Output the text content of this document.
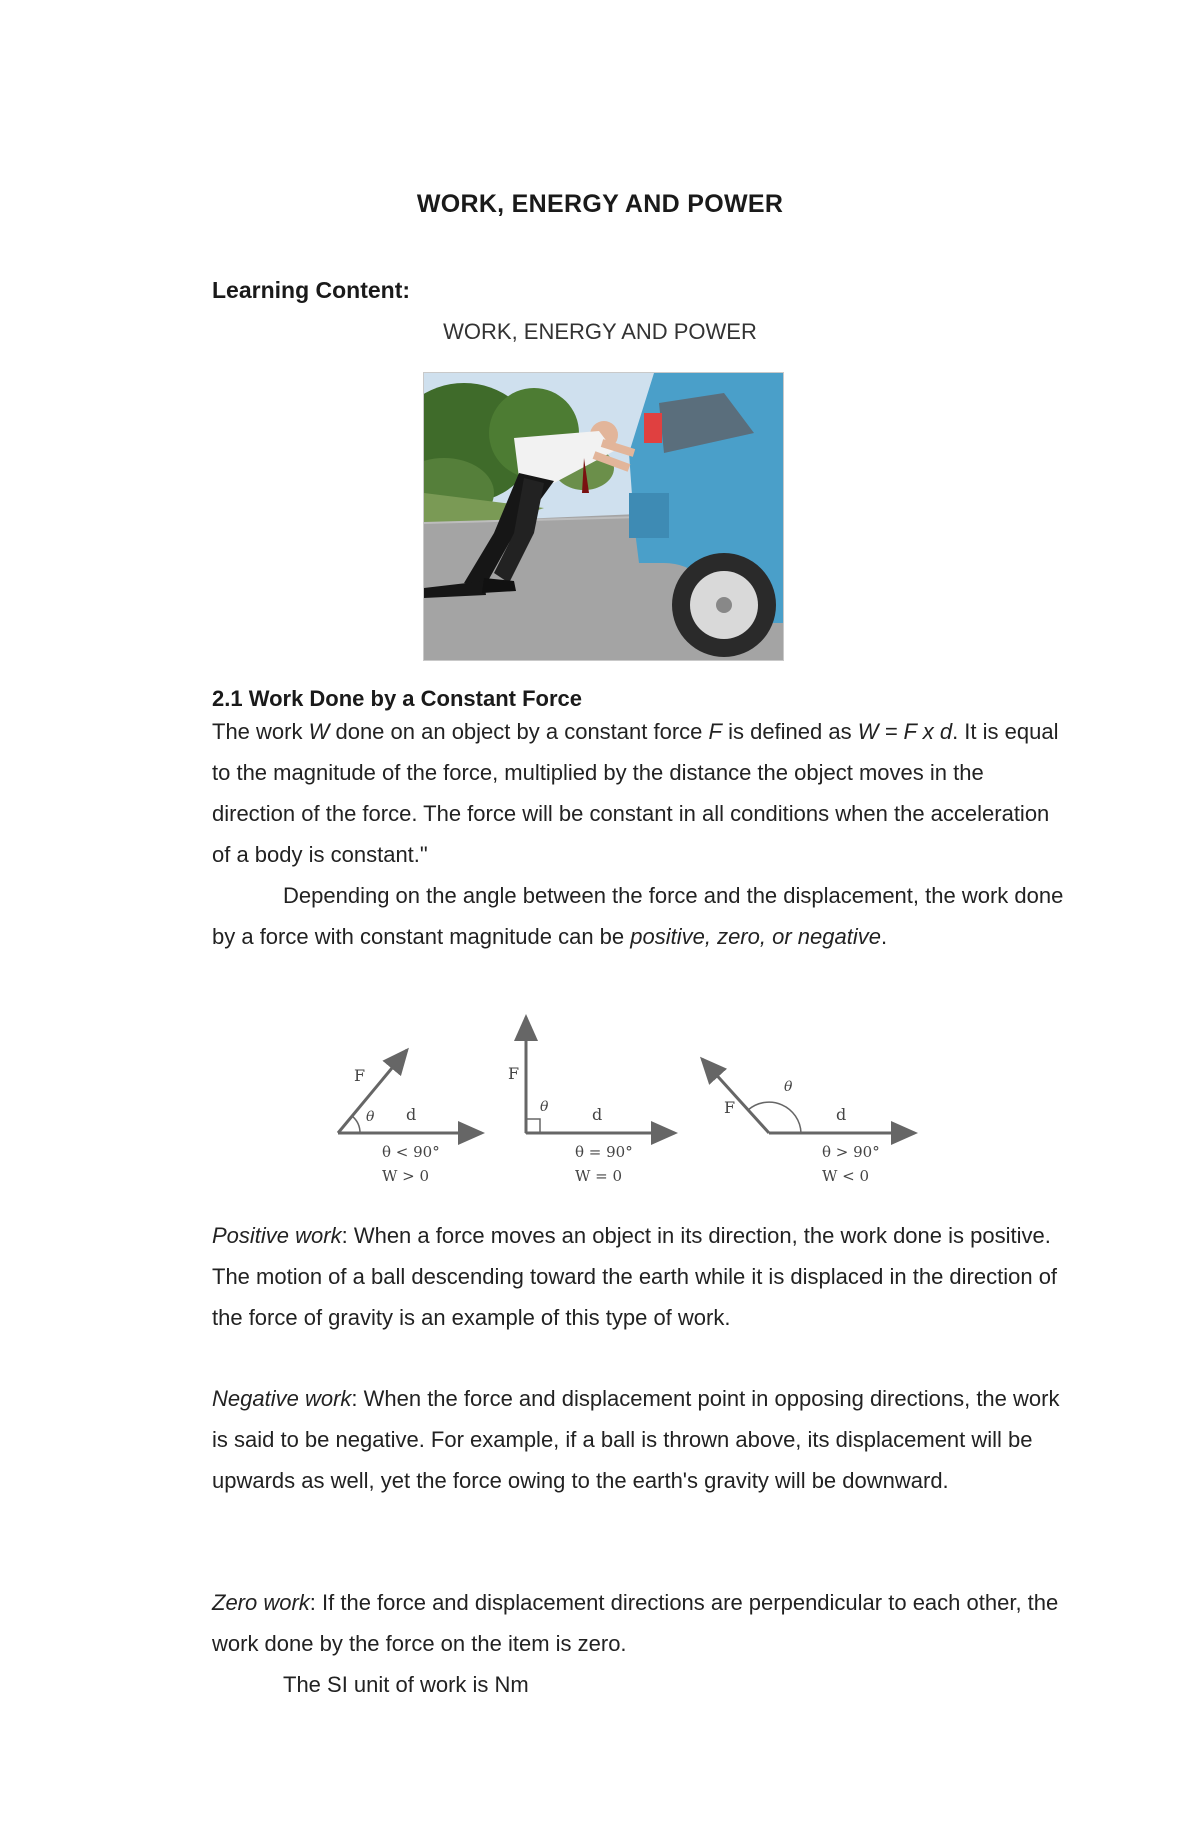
WORK, ENERGY AND POWER
Learning Content:
WORK, ENERGY AND POWER
2.1 Work Done by a Constant Force

The work W done on an object by a constant force F is defined as W = F x d. It is equal to the magnitude of the force, multiplied by the distance the object moves in the direction of the force. The force will be constant in all conditions when the acceleration of a body is constant."

Depending on the angle between the force and the displacement, the work done by a force with constant magnitude can be positive, zero, or negative.

F
θ d
θ < 90°
W > 0
F
θ	d
θ = 90°
W = 0
F
θ
d
θ > 90°
W < 0

Positive work: When a force moves an object in its direction, the work done is positive. The motion of a ball descending toward the earth while it is displaced in the direction of the force of gravity is an example of this type of work.

Negative work: When the force and displacement point in opposing directions, the work is said to be negative. For example, if a ball is thrown above, its displacement will be upwards as well, yet the force owing to the earth's gravity will be downward.

Zero work: If the force and displacement directions are perpendicular to each other, the work done by the force on the item is zero.

The SI unit of work is Nm
